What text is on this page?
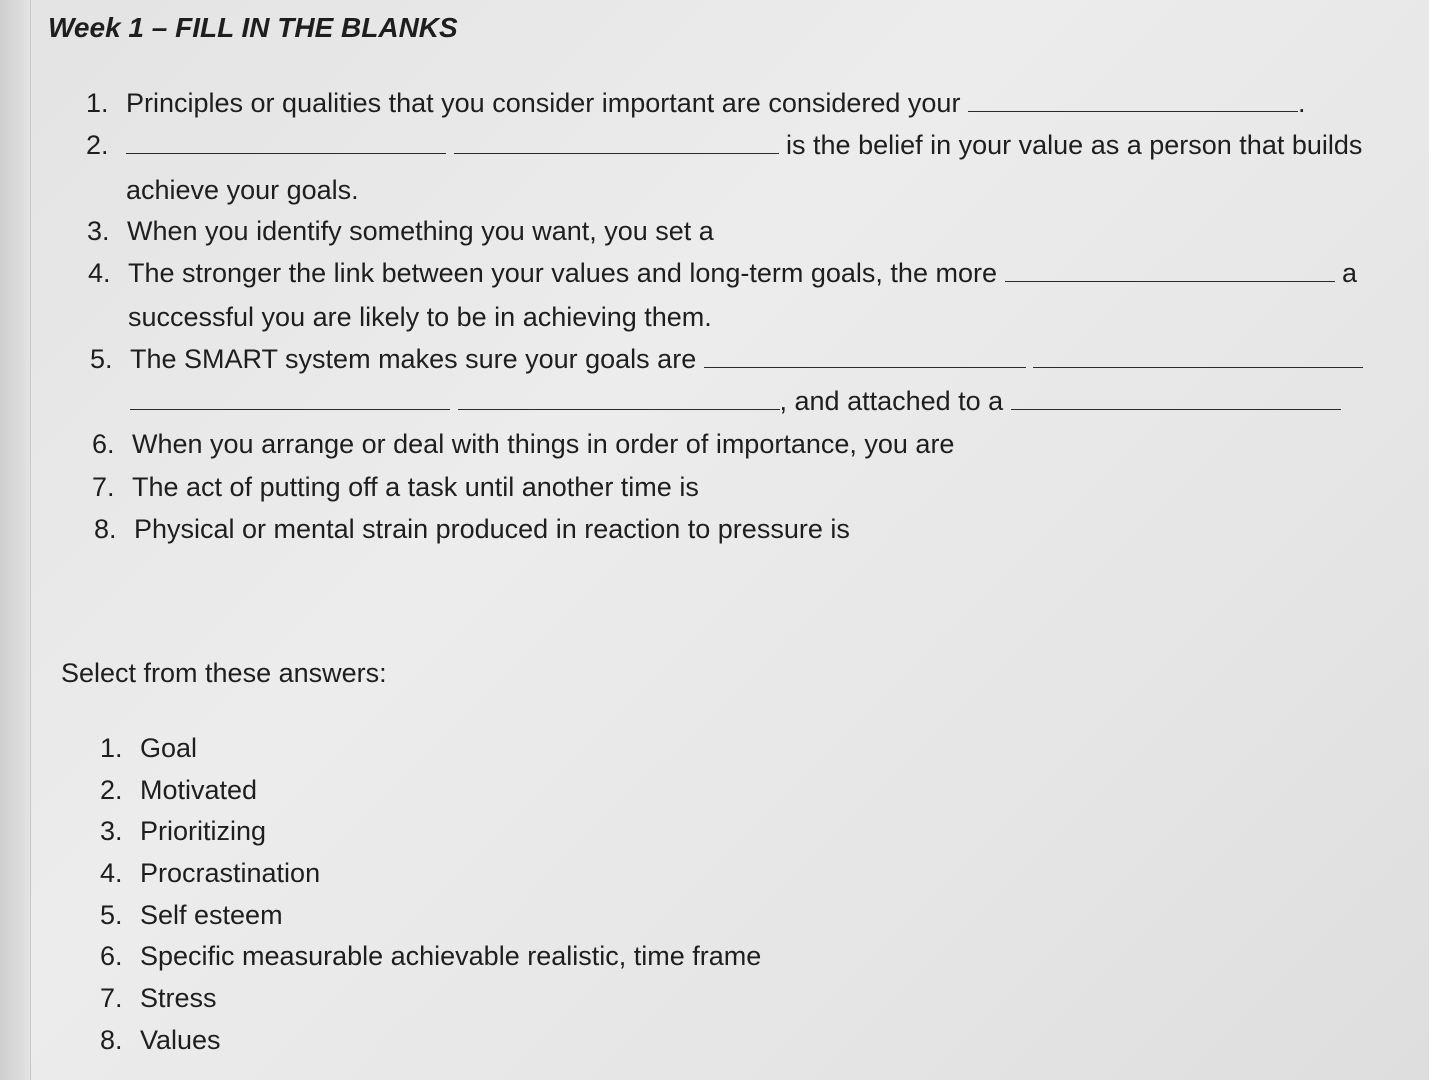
Week 1 – FILL IN THE BLANKS
1. Principles or qualities that you consider important are considered your	.
2.	is the belief in your value as a person that builds
achieve your goals.
3. When you identify something you want, you set a
4. The stronger the link between your values and long-term goals, the more	a
successful you are likely to be in achieving them.
5. The SMART system makes sure your goals are
, and attached to a
6. When you arrange or deal with things in order of importance, you are
7. The act of putting off a task until another time is
8. Physical or mental strain produced in reaction to pressure is

Select from these answers:

1. Goal
2. Motivated
3. Prioritizing
4. Procrastination
5. Self esteem
6. Specific measurable achievable realistic, time frame
7. Stress
8. Values
